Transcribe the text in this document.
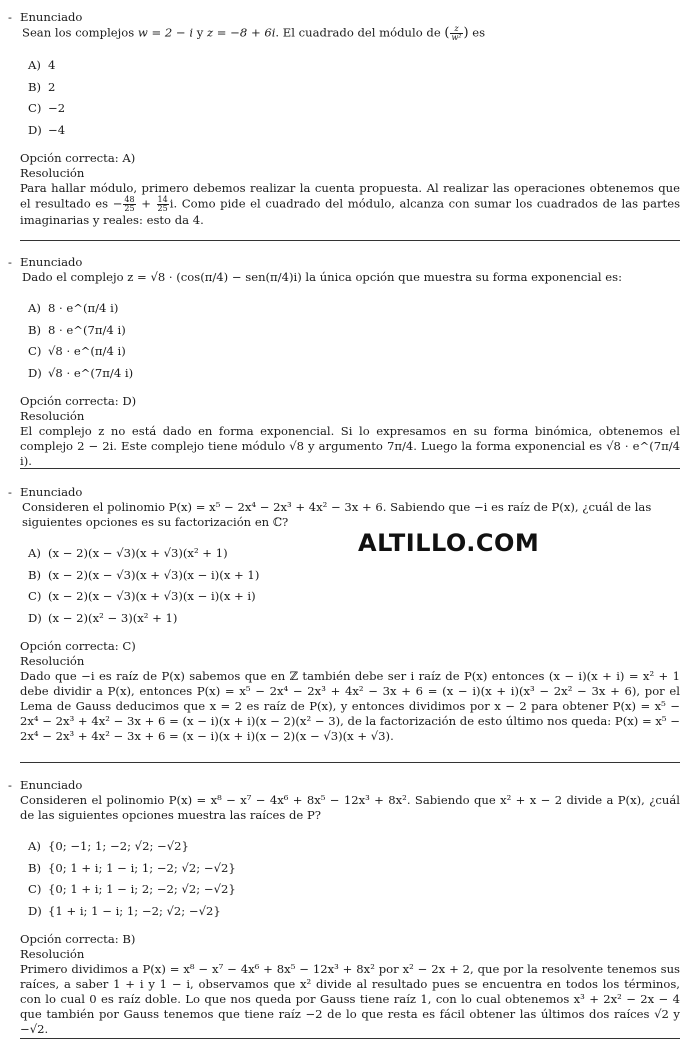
- Enunciado
Sean los complejos w = 2 − i y z = −8 + 6i. El cuadrado del módulo de ( $\frac{z}{\text{w²}}$ ) es
A) 4
B) 2
C) −2
D) −4
Opción correcta: A)
Resolución
Para hallar módulo, primero debemos realizar la cuenta propuesta. Al realizar las operaciones obtenemos que el resultado es − $\frac{48}{25} + \frac{14}{25} i$. Como pide el cuadrado del módulo, alcanza con sumar los cuadrados de las partes imaginarias y reales: esto da 4.
- Enunciado
Dado el complejo z = √8 · (cos(π/4) − sen(π/4)i) la única opción que muestra su forma exponencial es:
A) 8 · e^(π/4 i)
B) 8 · e^(7π/4 i)
C) √8 · e^(π/4 i)
D) √8 · e^(7π/4 i)
Opción correcta: D)
Resolución
El complejo z no está dado en forma exponencial. Si lo expresamos en su forma binómica, obtenemos el complejo 2 − 2i. Este complejo tiene módulo √8 y argumento 7π/4. Luego la forma exponencial es √8 · e^(7π/4 i).
- Enunciado
Consideren el polinomio P(x) = x⁵ − 2x⁴ − 2x³ + 4x² − 3x + 6. Sabiendo que −i es raíz de P(x), ¿cuál de las siguientes opciones es su factorización en ℂ?
A) (x − 2)(x − √3)(x + √3)(x² + 1)
B) (x − 2)(x − √3)(x + √3)(x − i)(x + 1)
C) (x − 2)(x − √3)(x + √3)(x − i)(x + i)
D) (x − 2)(x² − 3)(x² + 1)
Opción correcta: C)
Resolución
Dado que −i es raíz de P(x) sabemos que en ℤ también debe ser i raíz de P(x) entonces (x − i)(x + i) = x² + 1 debe dividir a P(x), entonces P(x) = x⁵ − 2x⁴ − 2x³ + 4x² − 3x + 6 = (x − i)(x + i)(x³ − 2x² − 3x + 6), por el Lema de Gauss deducimos que x = 2 es raíz de P(x), y entonces dividimos por x − 2 para obtener P(x) = x⁵ − 2x⁴ − 2x³ + 4x² − 3x + 6 = (x − i)(x + i)(x − 2)(x² − 3), de la factorización de esto último nos queda: P(x) = x⁵ − 2x⁴ − 2x³ + 4x² − 3x + 6 = (x − i)(x + i)(x − 2)(x − √3)(x + √3).
- Enunciado
Consideren el polinomio P(x) = x⁸ − x⁷ − 4x⁶ + 8x⁵ − 12x³ + 8x². Sabiendo que x² + x − 2 divide a P(x), ¿cuál de las siguientes opciones muestra las raíces de P?
A) {0; −1; 1; −2; √2; −√2}
B) {0; 1 + i; 1 − i; 1; −2; √2; −√2}
C) {0; 1 + i; 1 − i; 2; −2; √2; −√2}
D) {1 + i; 1 − i; 1; −2; √2; −√2}
Opción correcta: B)
Resolución
Primero dividimos a P(x) = x⁸ − x⁷ − 4x⁶ + 8x⁵ − 12x³ + 8x² por x² − 2x + 2, que por la resolvente tenemos sus raíces, a saber 1 + i y 1 − i, observamos que x² divide al resultado pues se encuentra en todos los términos, con lo cual 0 es raíz doble. Lo que nos queda por Gauss tiene raíz 1, con lo cual obtenemos x³ + 2x² − 2x − 4 que también por Gauss tenemos que tiene raíz −2 de lo que resta es fácil obtener las últimos dos raíces √2 y −√2.
ALTILLO.COM
